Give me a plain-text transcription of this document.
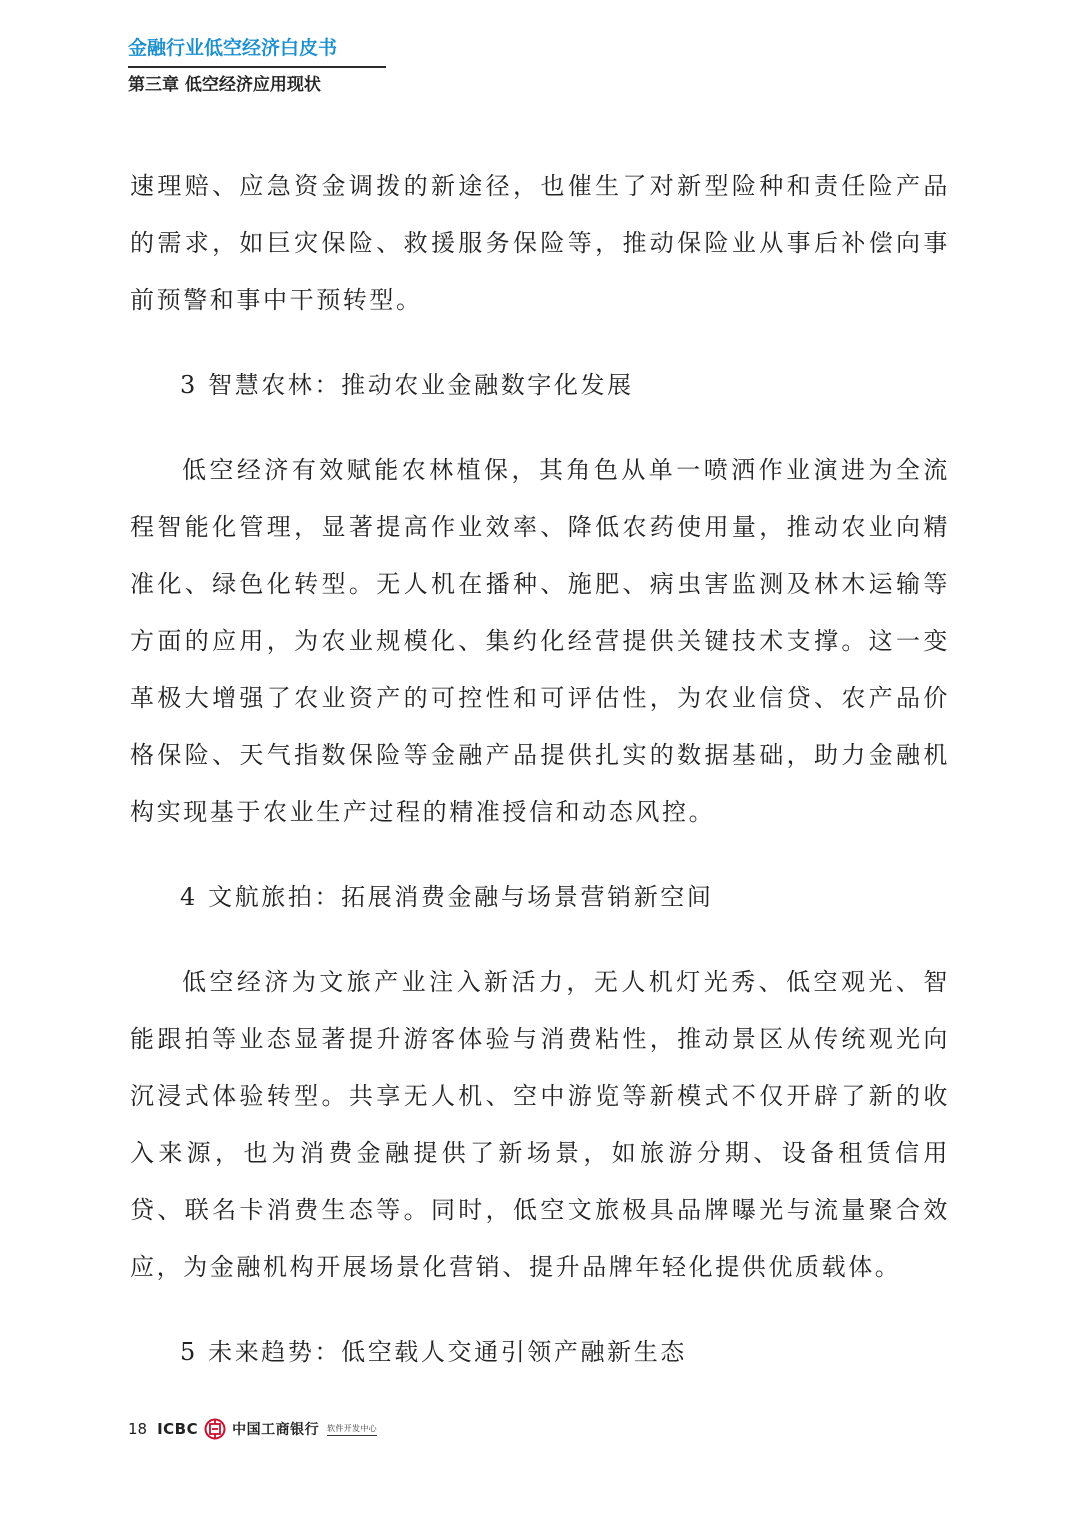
金融行业低空经济白皮书
第三章 低空经济应用现状

速理赔、应急资金调拨的新途径，也催生了对新型险种和责任险产品的需求，如巨灾保险、救援服务保险等，推动保险业从事后补偿向事前预警和事中干预转型。

3 智慧农林：推动农业金融数字化发展

低空经济有效赋能农林植保，其角色从单一喷洒作业演进为全流程智能化管理，显著提高作业效率、降低农药使用量，推动农业向精准化、绿色化转型。无人机在播种、施肥、病虫害监测及林木运输等方面的应用，为农业规模化、集约化经营提供关键技术支撑。这一变革极大增强了农业资产的可控性和可评估性，为农业信贷、农产品价格保险、天气指数保险等金融产品提供扎实的数据基础，助力金融机构实现基于农业生产过程的精准授信和动态风控。

4 文航旅拍：拓展消费金融与场景营销新空间

低空经济为文旅产业注入新活力，无人机灯光秀、低空观光、智能跟拍等业态显著提升游客体验与消费粘性，推动景区从传统观光向沉浸式体验转型。共享无人机、空中游览等新模式不仅开辟了新的收入来源，也为消费金融提供了新场景，如旅游分期、设备租赁信用贷、联名卡消费生态等。同时，低空文旅极具品牌曝光与流量聚合效应，为金融机构开展场景化营销、提升品牌年轻化提供优质载体。

5 未来趋势：低空载人交通引领产融新生态

18 ICBC 中国工商银行 软件开发中心
